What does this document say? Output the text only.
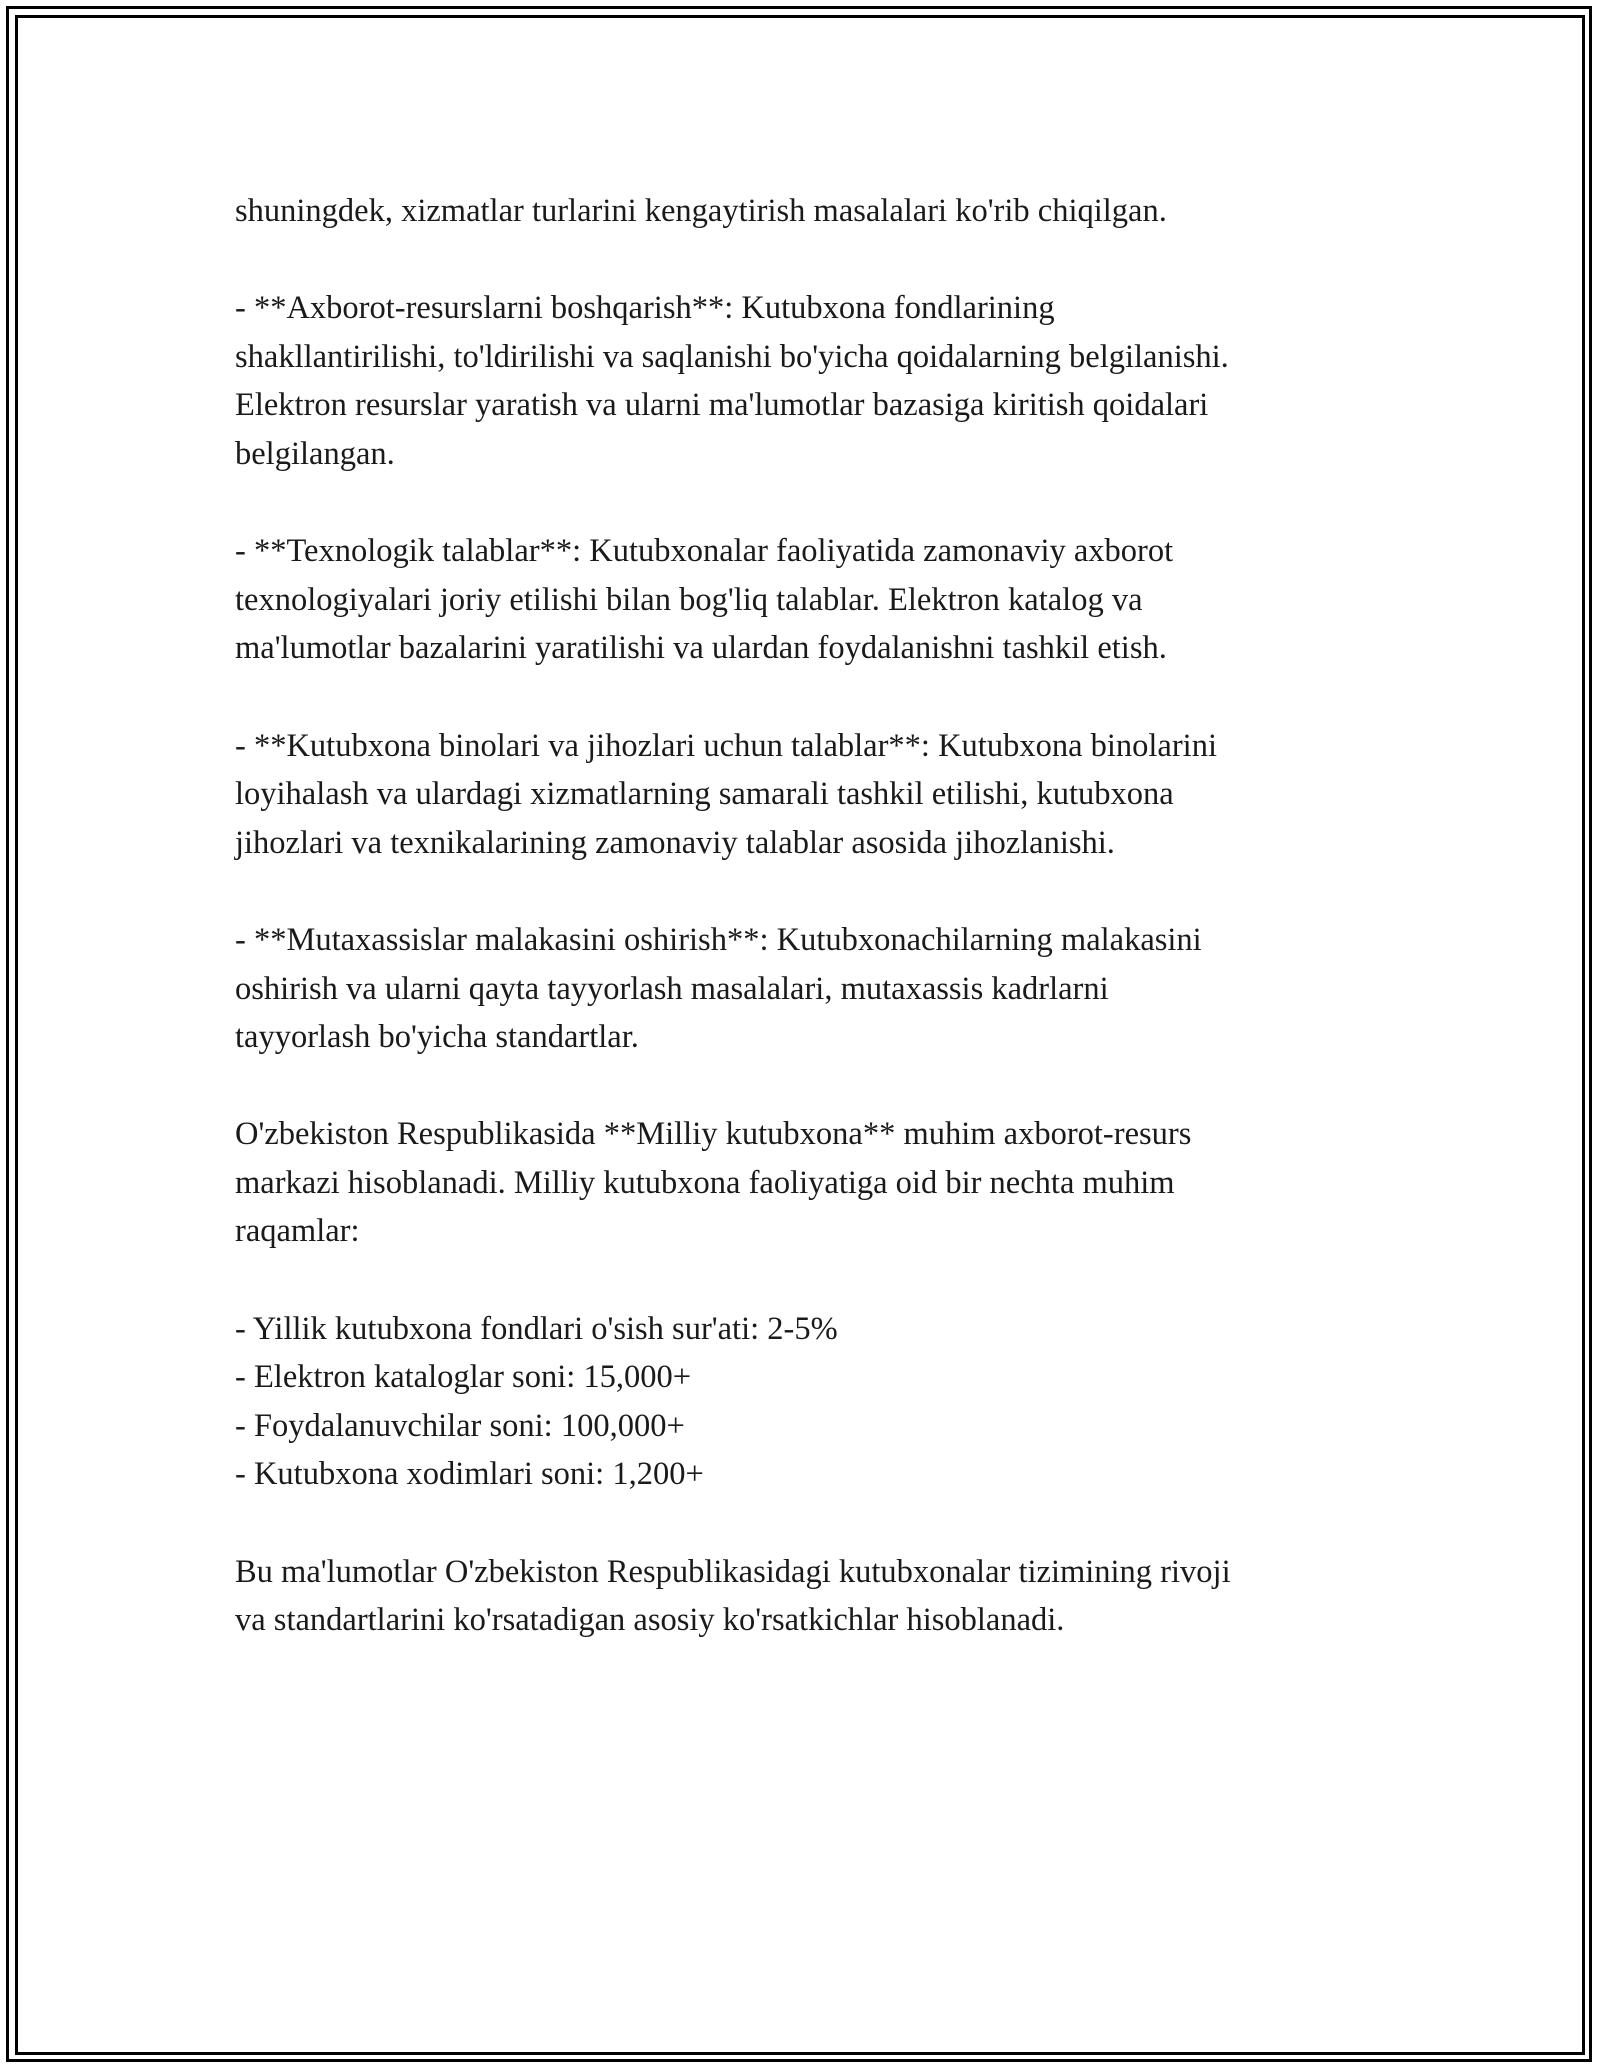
shuningdek, xizmatlar turlarini kengaytirish masalalari ko'rib chiqilgan.

- **Axborot-resurslarni boshqarish**: Kutubxona fondlarining
shakllantirilishi, to'ldirilishi va saqlanishi bo'yicha qoidalarning belgilanishi.
Elektron resurslar yaratish va ularni ma'lumotlar bazasiga kiritish qoidalari
belgilangan.

- **Texnologik talablar**: Kutubxonalar faoliyatida zamonaviy axborot
texnologiyalari joriy etilishi bilan bog'liq talablar. Elektron katalog va
ma'lumotlar bazalarini yaratilishi va ulardan foydalanishni tashkil etish.

- **Kutubxona binolari va jihozlari uchun talablar**: Kutubxona binolarini
loyihalash va ulardagi xizmatlarning samarali tashkil etilishi, kutubxona
jihozlari va texnikalarining zamonaviy talablar asosida jihozlanishi.

- **Mutaxassislar malakasini oshirish**: Kutubxonachilarning malakasini
oshirish va ularni qayta tayyorlash masalalari, mutaxassis kadrlarni
tayyorlash bo'yicha standartlar.

O'zbekiston Respublikasida **Milliy kutubxona** muhim axborot-resurs
markazi hisoblanadi. Milliy kutubxona faoliyatiga oid bir nechta muhim
raqamlar:

- Yillik kutubxona fondlari o'sish sur'ati: 2-5%
- Elektron kataloglar soni: 15,000+
- Foydalanuvchilar soni: 100,000+
- Kutubxona xodimlari soni: 1,200+

Bu ma'lumotlar O'zbekiston Respublikasidagi kutubxonalar tizimining rivoji
va standartlarini ko'rsatadigan asosiy ko'rsatkichlar hisoblanadi.
